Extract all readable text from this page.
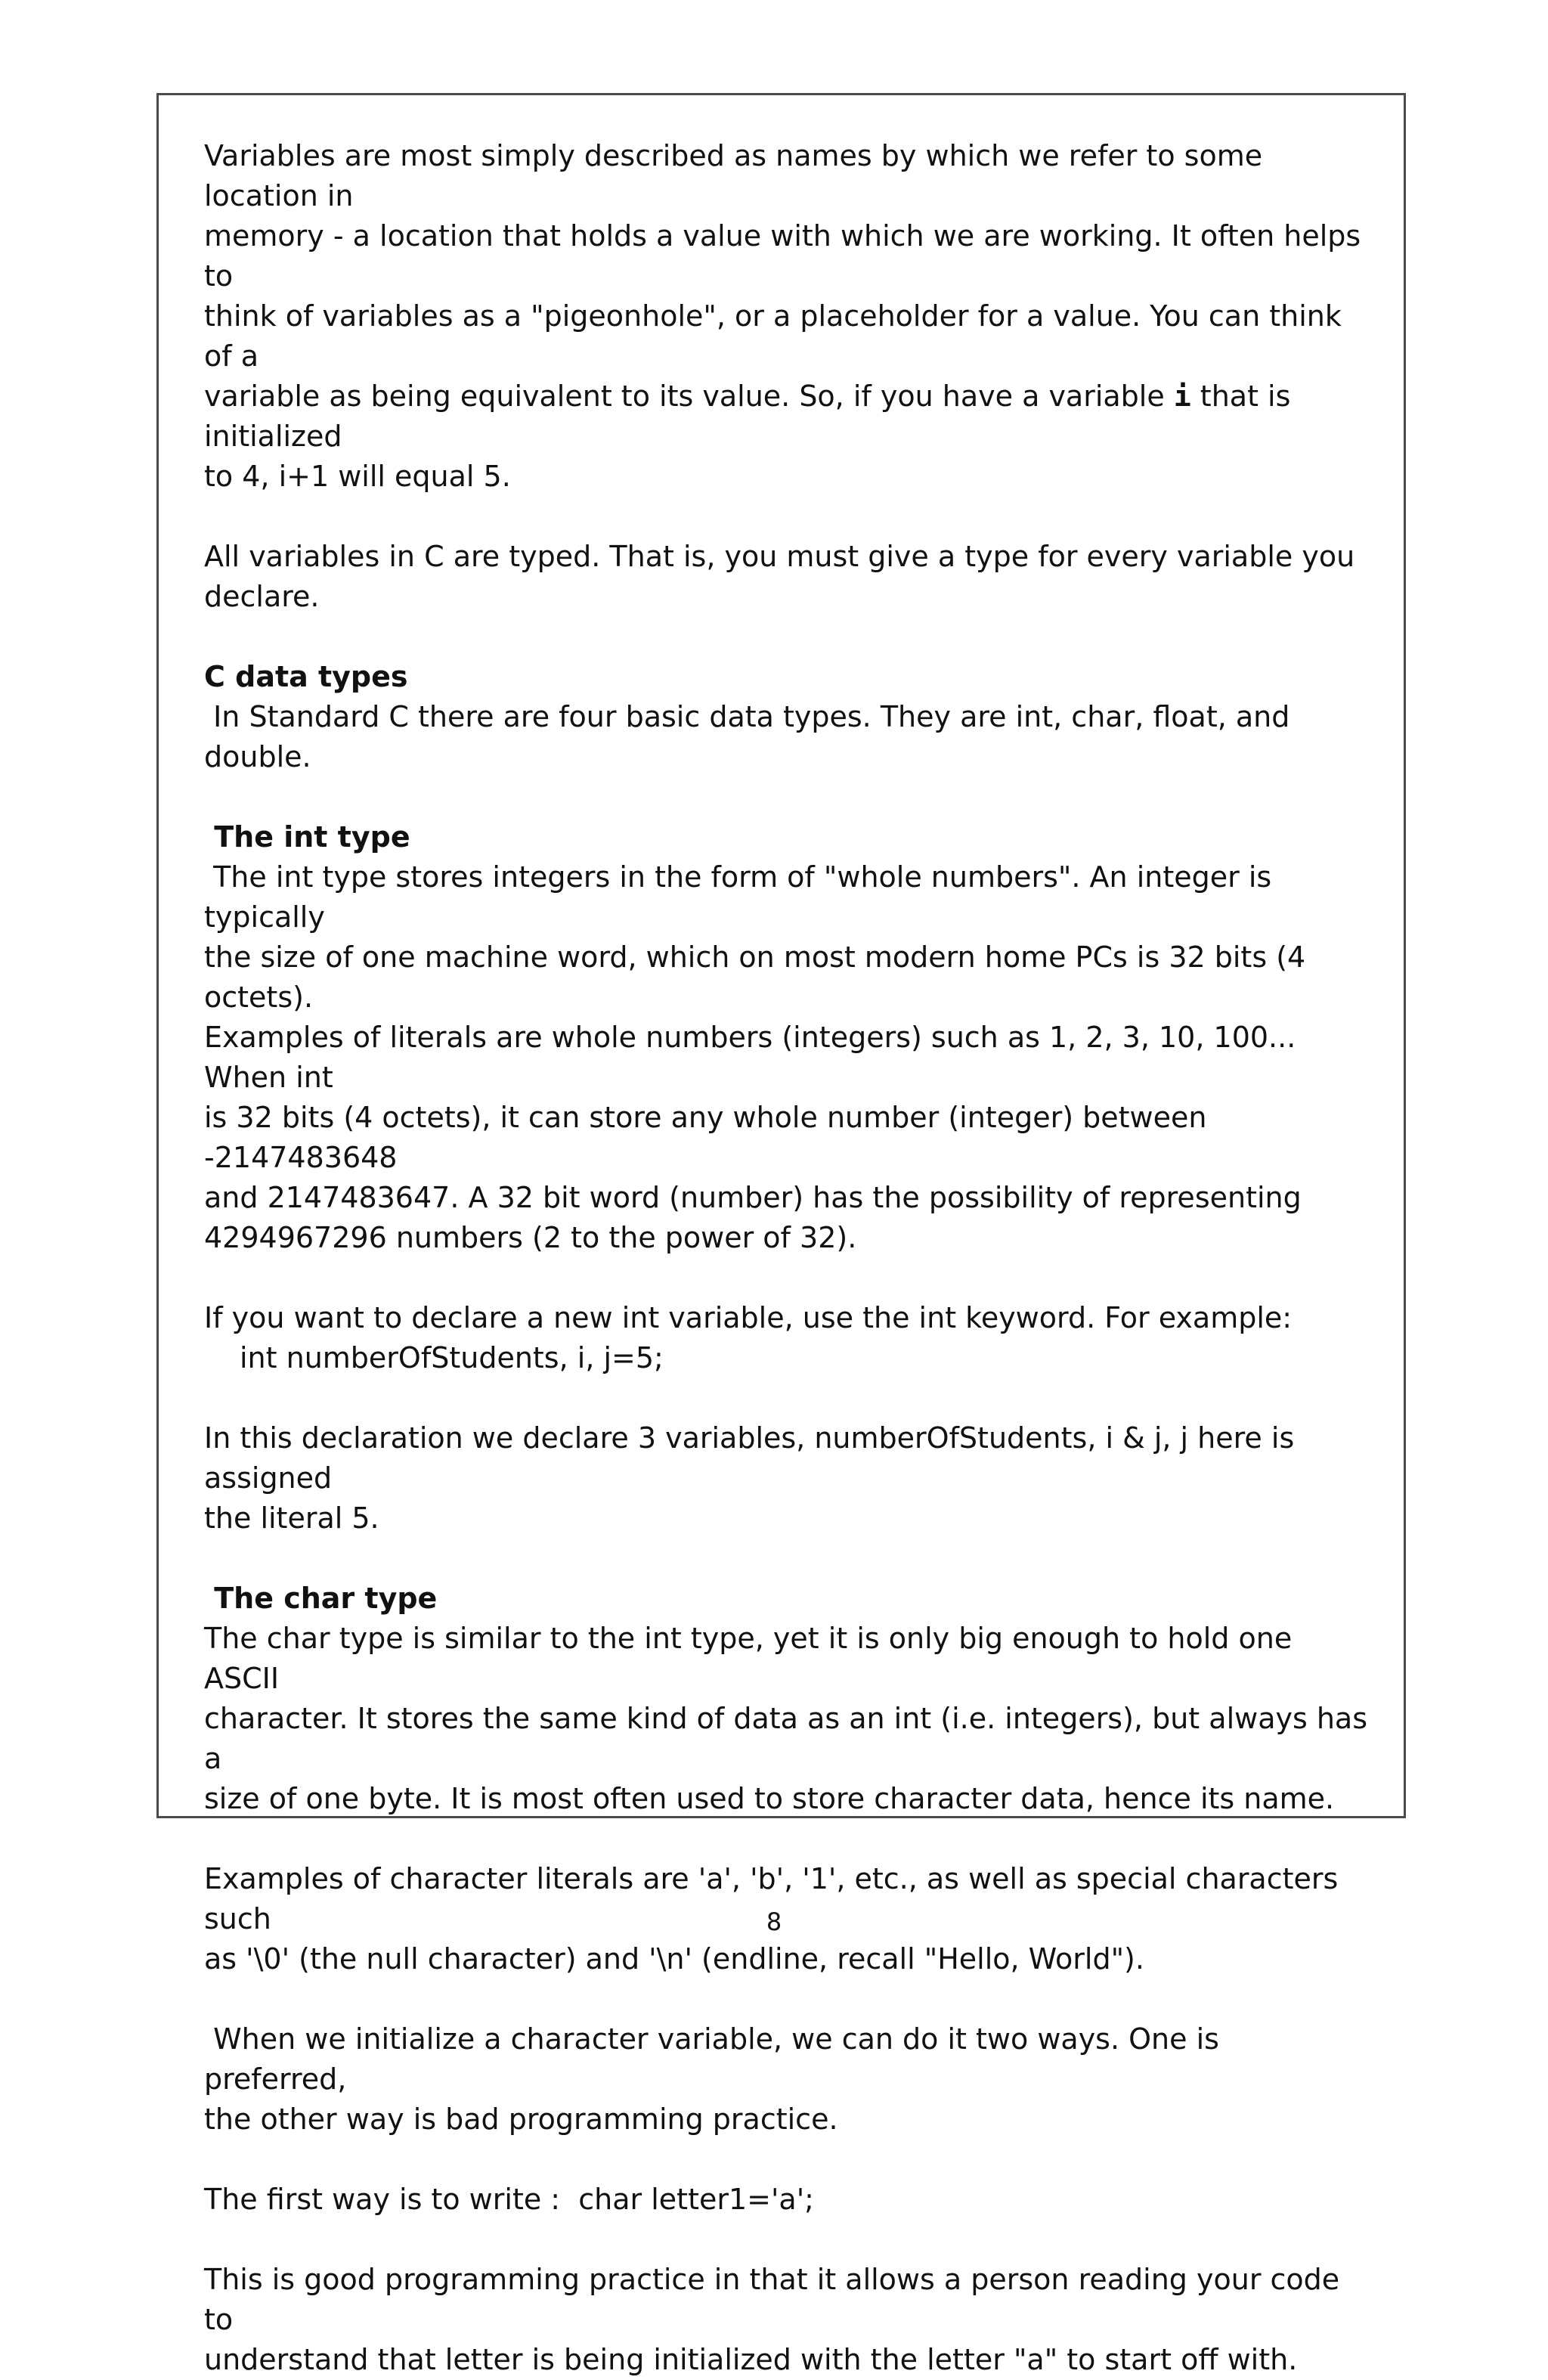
Variables are most simply described as names by which we refer to some location in

memory - a location that holds a value with which we are working. It often helps to

think of variables as a "pigeonhole", or a placeholder for a value. You can think of a

variable as being equivalent to its value. So, if you have a variable i that is initialized

to 4, i+1 will equal 5.

All variables in C are typed. That is, you must give a type for every variable you

declare.

C data types

In Standard C there are four basic data types. They are int, char, float, and double.

The int type

The int type stores integers in the form of "whole numbers". An integer is typically

the size of one machine word, which on most modern home PCs is 32 bits (4 octets).

Examples of literals are whole numbers (integers) such as 1, 2, 3, 10, 100... When int

is 32 bits (4 octets), it can store any whole number (integer) between -2147483648

and 2147483647. A 32 bit word (number) has the possibility of representing

4294967296 numbers (2 to the power of 32).

If you want to declare a new int variable, use the int keyword. For example:

int numberOfStudents, i, j=5;

In this declaration we declare 3 variables, numberOfStudents, i & j, j here is assigned

the literal 5.

The char type

The char type is similar to the int type, yet it is only big enough to hold one ASCII

character. It stores the same kind of data as an int (i.e. integers), but always has a

size of one byte. It is most often used to store character data, hence its name.

Examples of character literals are 'a', 'b', '1', etc., as well as special characters such

as '\0' (the null character) and '\n' (endline, recall "Hello, World").

When we initialize a character variable, we can do it two ways. One is preferred,

the other way is bad programming practice.

The first way is to write :  char letter1='a';

This is good programming practice in that it allows a person reading your code to

understand that letter is being initialized with the letter "a" to start off with.

8
